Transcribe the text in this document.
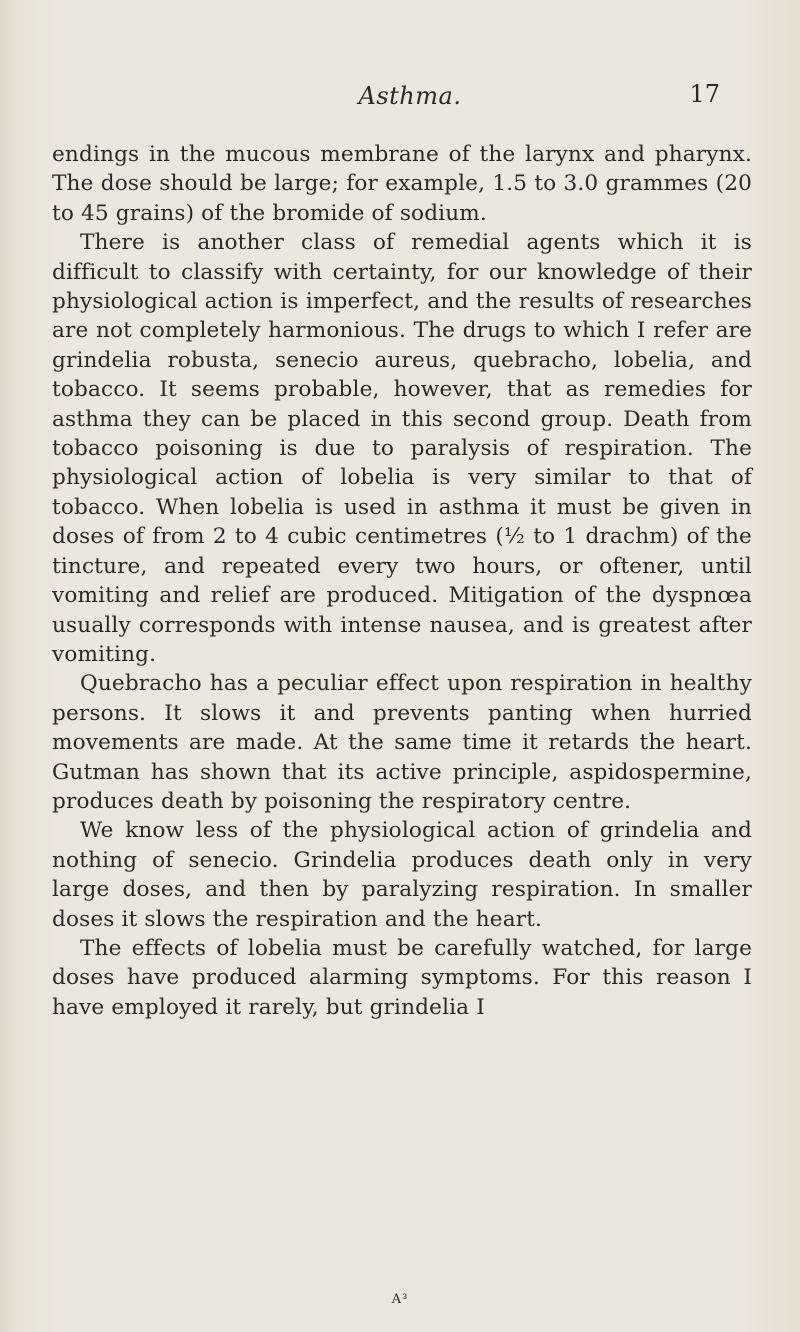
Asthma.	17

endings in the mucous membrane of the larynx and pharynx. The dose should be large; for example, 1.5 to 3.0 grammes (20 to 45 grains) of the bromide of sodium.

There is another class of remedial agents which it is difficult to classify with certainty, for our knowledge of their physiological action is imperfect, and the results of researches are not completely harmonious. The drugs to which I refer are grindelia robusta, senecio aureus, quebracho, lobelia, and tobacco. It seems probable, however, that as remedies for asthma they can be placed in this second group. Death from tobacco poisoning is due to paralysis of respiration. The physiological action of lobelia is very similar to that of tobacco. When lobelia is used in asthma it must be given in doses of from 2 to 4 cubic centimetres (½ to 1 drachm) of the tincture, and repeated every two hours, or oftener, until vomiting and relief are produced. Mitigation of the dyspnœa usually corresponds with intense nausea, and is greatest after vomiting.

Quebracho has a peculiar effect upon respiration in healthy persons. It slows it and prevents panting when hurried movements are made. At the same time it retards the heart. Gutman has shown that its active principle, aspidospermine, produces death by poisoning the respiratory centre.

We know less of the physiological action of grindelia and nothing of senecio. Grindelia produces death only in very large doses, and then by paralyzing respiration. In smaller doses it slows the respiration and the heart.

The effects of lobelia must be carefully watched, for large doses have produced alarming symptoms. For this reason I have employed it rarely, but grindelia I

A³
